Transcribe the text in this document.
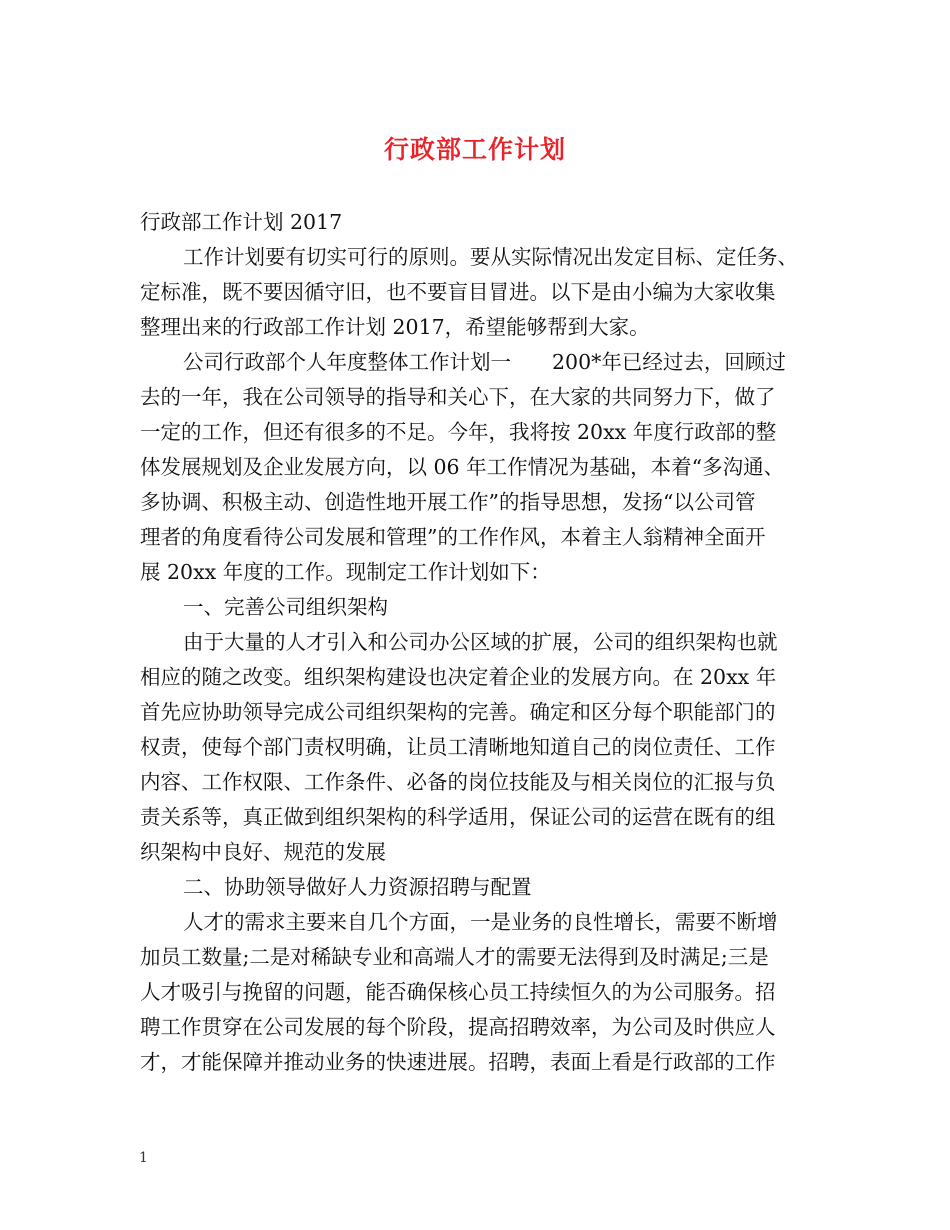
行政部工作计划
行政部工作计划 2017
工作计划要有切实可行的原则。要从实际情况出发定目标、定任务、
定标准，既不要因循守旧，也不要盲目冒进。以下是由小编为大家收集
整理出来的行政部工作计划 2017，希望能够帮到大家。
公司行政部个人年度整体工作计划一　　200*年已经过去，回顾过
去的一年，我在公司领导的指导和关心下，在大家的共同努力下，做了
一定的工作，但还有很多的不足。今年，我将按 20xx 年度行政部的整
体发展规划及企业发展方向，以 06 年工作情况为基础，本着“多沟通、
多协调、积极主动、创造性地开展工作”的指导思想，发扬“以公司管
理者的角度看待公司发展和管理”的工作作风，本着主人翁精神全面开
展 20xx 年度的工作。现制定工作计划如下：
一、完善公司组织架构
由于大量的人才引入和公司办公区域的扩展，公司的组织架构也就
相应的随之改变。组织架构建设也决定着企业的发展方向。在 20xx 年
首先应协助领导完成公司组织架构的完善。确定和区分每个职能部门的
权责，使每个部门责权明确，让员工清晰地知道自己的岗位责任、工作
内容、工作权限、工作条件、必备的岗位技能及与相关岗位的汇报与负
责关系等，真正做到组织架构的科学适用，保证公司的运营在既有的组
织架构中良好、规范的发展
二、协助领导做好人力资源招聘与配置
人才的需求主要来自几个方面，一是业务的良性增长，需要不断增
加员工数量;二是对稀缺专业和高端人才的需要无法得到及时满足;三是
人才吸引与挽留的问题，能否确保核心员工持续恒久的为公司服务。招
聘工作贯穿在公司发展的每个阶段，提高招聘效率，为公司及时供应人
才，才能保障并推动业务的快速进展。招聘，表面上看是行政部的工作
1
